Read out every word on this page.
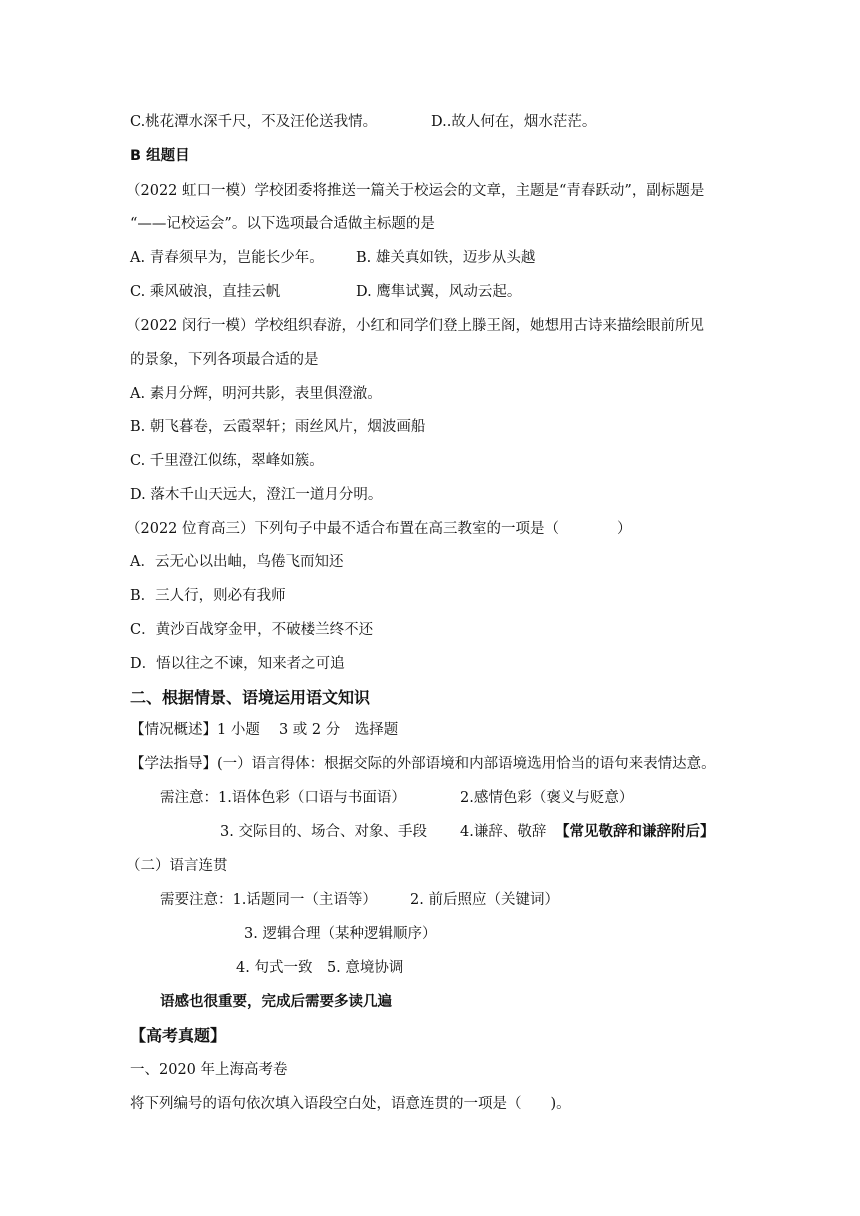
C.桃花潭水深千尺，不及汪伦送我情。	D..故人何在，烟水茫茫。
B 组题目
（2022 虹口一模）学校团委将推送一篇关于校运会的文章，主题是“青春跃动”，副标题是
“——记校运会”。以下选项最合适做主标题的是
A. 青春须早为，岂能长少年。 B. 雄关真如铁，迈步从头越
C. 乘风破浪，直挂云帆	D. 鹰隼试翼，风动云起。
（2022 闵行一模）学校组织春游，小红和同学们登上滕王阁，她想用古诗来描绘眼前所见
的景象，下列各项最合适的是
A. 素月分辉，明河共影，表里俱澄澈。
B. 朝飞暮卷，云霞翠轩；雨丝风片，烟波画船
C. 千里澄江似练，翠峰如簇。
D. 落木千山天远大，澄江一道月分明。
（2022 位育高三）下列句子中最不适合布置在高三教室的一项是（　　　　）
A．云无心以出岫，鸟倦飞而知还
B．三人行，则必有我师
C．黄沙百战穿金甲，不破楼兰终不还
D．悟以往之不谏，知来者之可追
二、根据情景、语境运用语文知识
【情况概述】1 小题　 3 或 2 分　选择题
【学法指导】(一）语言得体：根据交际的外部语境和内部语境选用恰当的语句来表情达意。
需注意：1.语体色彩（口语与书面语）	2.感情色彩（褒义与贬意）
3. 交际目的、场合、对象、手段 4.谦辞、敬辞 【常见敬辞和谦辞附后】
（二）语言连贯
需要注意：1.话题同一（主语等） 2. 前后照应（关键词）
3. 逻辑合理（某种逻辑顺序）
4. 句式一致　5. 意境协调
语感也很重要，完成后需要多读几遍
【高考真题】
一、2020 年上海高考卷
将下列编号的语句依次填入语段空白处，语意连贯的一项是（　　)。
